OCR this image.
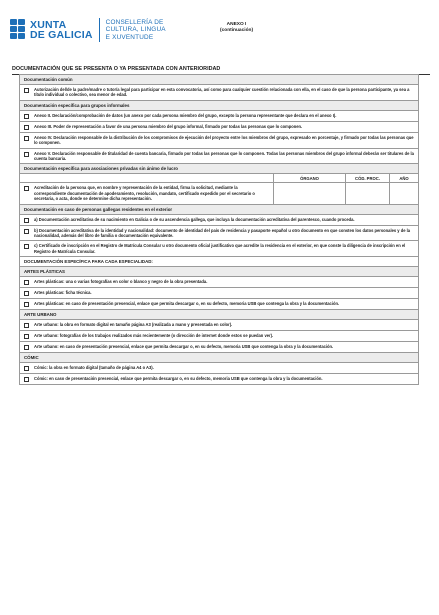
XUNTA
DE GALICIA
CONSELLERÍA DE
CULTURA, LINGUA
E XUVENTUDE
ANEXO I
(continuación)
DOCUMENTACIÓN QUE SE PRESENTA O YA PRESENTADA CON ANTERIORIDAD
Documentación común
Autorización del/de la padre/madre o tutor/a legal para participar en esta convocatoria, así como para cualquier cuestión relacionada con ella, en el caso de que la persona participante, ya sea a título individual o colectivo, sea menor de edad.
Documentación específica para grupos informales
Anexo II. Declaración/comprobación de datos (un anexo por cada persona miembro del grupo, excepto la persona representante que declara en el anexo I).
Anexo III. Poder de representación a favor de una persona miembro del grupo informal, firmado por todas las personas que lo componen.
Anexo IV. Declaración responsable de la distribución de los compromisos de ejecución del proyecto entre los miembros del grupo, expresado en porcentaje, y firmado por todas las personas que lo componen.
Anexo V. Declaración responsable de titularidad de cuenta bancaria, firmado por todas las personas que lo componen. Todas las personas miembros del grupo informal deberán ser titulares de la cuenta bancaria.
Documentación específica para asociaciones privadas sin ánimo de lucro
Acreditación de la persona que, en nombre y representación de la entidad, firma la solicitud, mediante la correspondiente documentación de apoderamiento, resolución, mandato, certificado expedido por el secretario o secretaria, o acta, donde se determine dicha representación.
ÓRGANO	CÓD. PROC.	AÑO
Documentación en caso de personas gallegas residentes en el exterior
a) Documentación acreditativa de su nacimiento en Galicia o de su ascendencia gallega, que incluya la documentación acreditativa del parentesco, cuando proceda.
b) Documentación acreditativa de la identidad y nacionalidad: documento de identidad del país de residencia y pasaporte español u otro documento en que consten los datos personales y de la nacionalidad, además del libro de familia o documentación equivalente.
c) Certificado de inscripción en el Registro de Matrícula Consular u otro documento oficial justificativo que acredite la residencia en el exterior, en que conste la diligencia de inscripción en el Registro de Matrícula Consular.
DOCUMENTACIÓN ESPECÍFICA PARA CADA ESPECIALIDAD:
ARTES PLÁSTICAS
Artes plásticas: una o varias fotografías en color o blanco y negro de la obra presentada.
Artes plásticas: ficha técnica.
Artes plásticas: en caso de presentación presencial, enlace que permita descargar o, en su defecto, memoria USB que contenga la obra y la documentación.
ARTE URBANO
Arte urbano: la obra en formato digital en tamaño página A3 (realizada a mano y presentada en color).
Arte urbano: fotografías de los trabajos realizados más recientemente (o dirección de internet donde estos se puedan ver).
Arte urbano: en caso de presentación presencial, enlace que permita descargar o, en su defecto, memoria USB que contenga la obra y la documentación.
CÓMIC
Cómic: la obra en formato digital (tamaño de página A4 o A3).
Cómic: en caso de presentación presencial, enlace que permita descargar o, en su defecto, memoria USB que contenga la obra y la documentación.
